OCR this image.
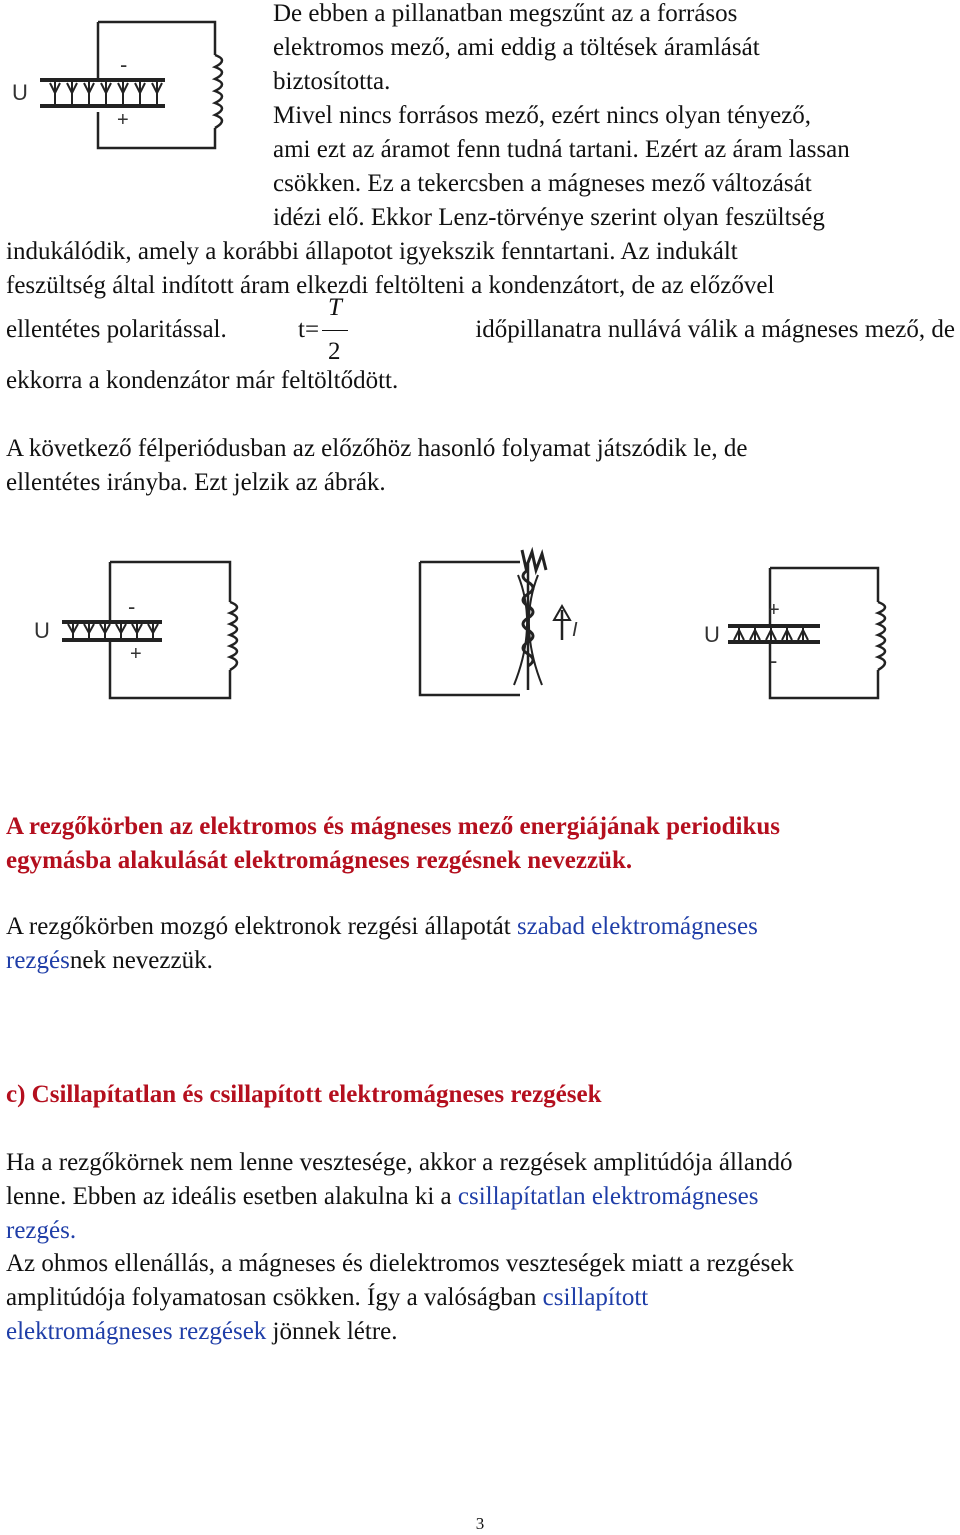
U
-
+

De ebben a pillanatban megszűnt az a forrásos
elektromos mező, ami eddig a töltések áramlását
biztosította.
Mivel nincs forrásos mező, ezért nincs olyan tényező,
ami ezt az áramot fenn tudná tartani. Ezért az áram lassan
csökken. Ez a tekercsben a mágneses mező változását
idézi elő. Ekkor Lenz-törvénye szerint olyan feszültség

indukálódik, amely a korábbi állapotot igyekszik fenntartani. Az indukált
feszültség által indított áram elkezdi feltölteni a kondenzátort, de az előzővel

ellentétes polaritással.	t=
T
2
időpillanatra nullává válik a mágneses mező, de

ekkorra a kondenzátor már feltöltődött.

A következő félperiódusban az előzőhöz hasonló folyamat játszódik le, de
ellentétes irányba. Ezt jelzik az ábrák.

U
-
+
I	U
+
-

A rezgőkörben az elektromos és mágneses mező energiájának periodikus
egymásba alakulását elektromágneses rezgésnek nevezzük.

A rezgőkörben mozgó elektronok rezgési állapotát szabad elektromágneses
rezgésnek nevezzük.

c) Csillapítatlan és csillapított elektromágneses rezgések

Ha a rezgőkörnek nem lenne vesztesége, akkor a rezgések amplitúdója állandó
lenne. Ebben az ideális esetben alakulna ki a csillapítatlan elektromágneses
rezgés.

Az ohmos ellenállás, a mágneses és dielektromos veszteségek miatt a rezgések
amplitúdója folyamatosan csökken. Így a valóságban csillapított
elektromágneses rezgések jönnek létre.

3
